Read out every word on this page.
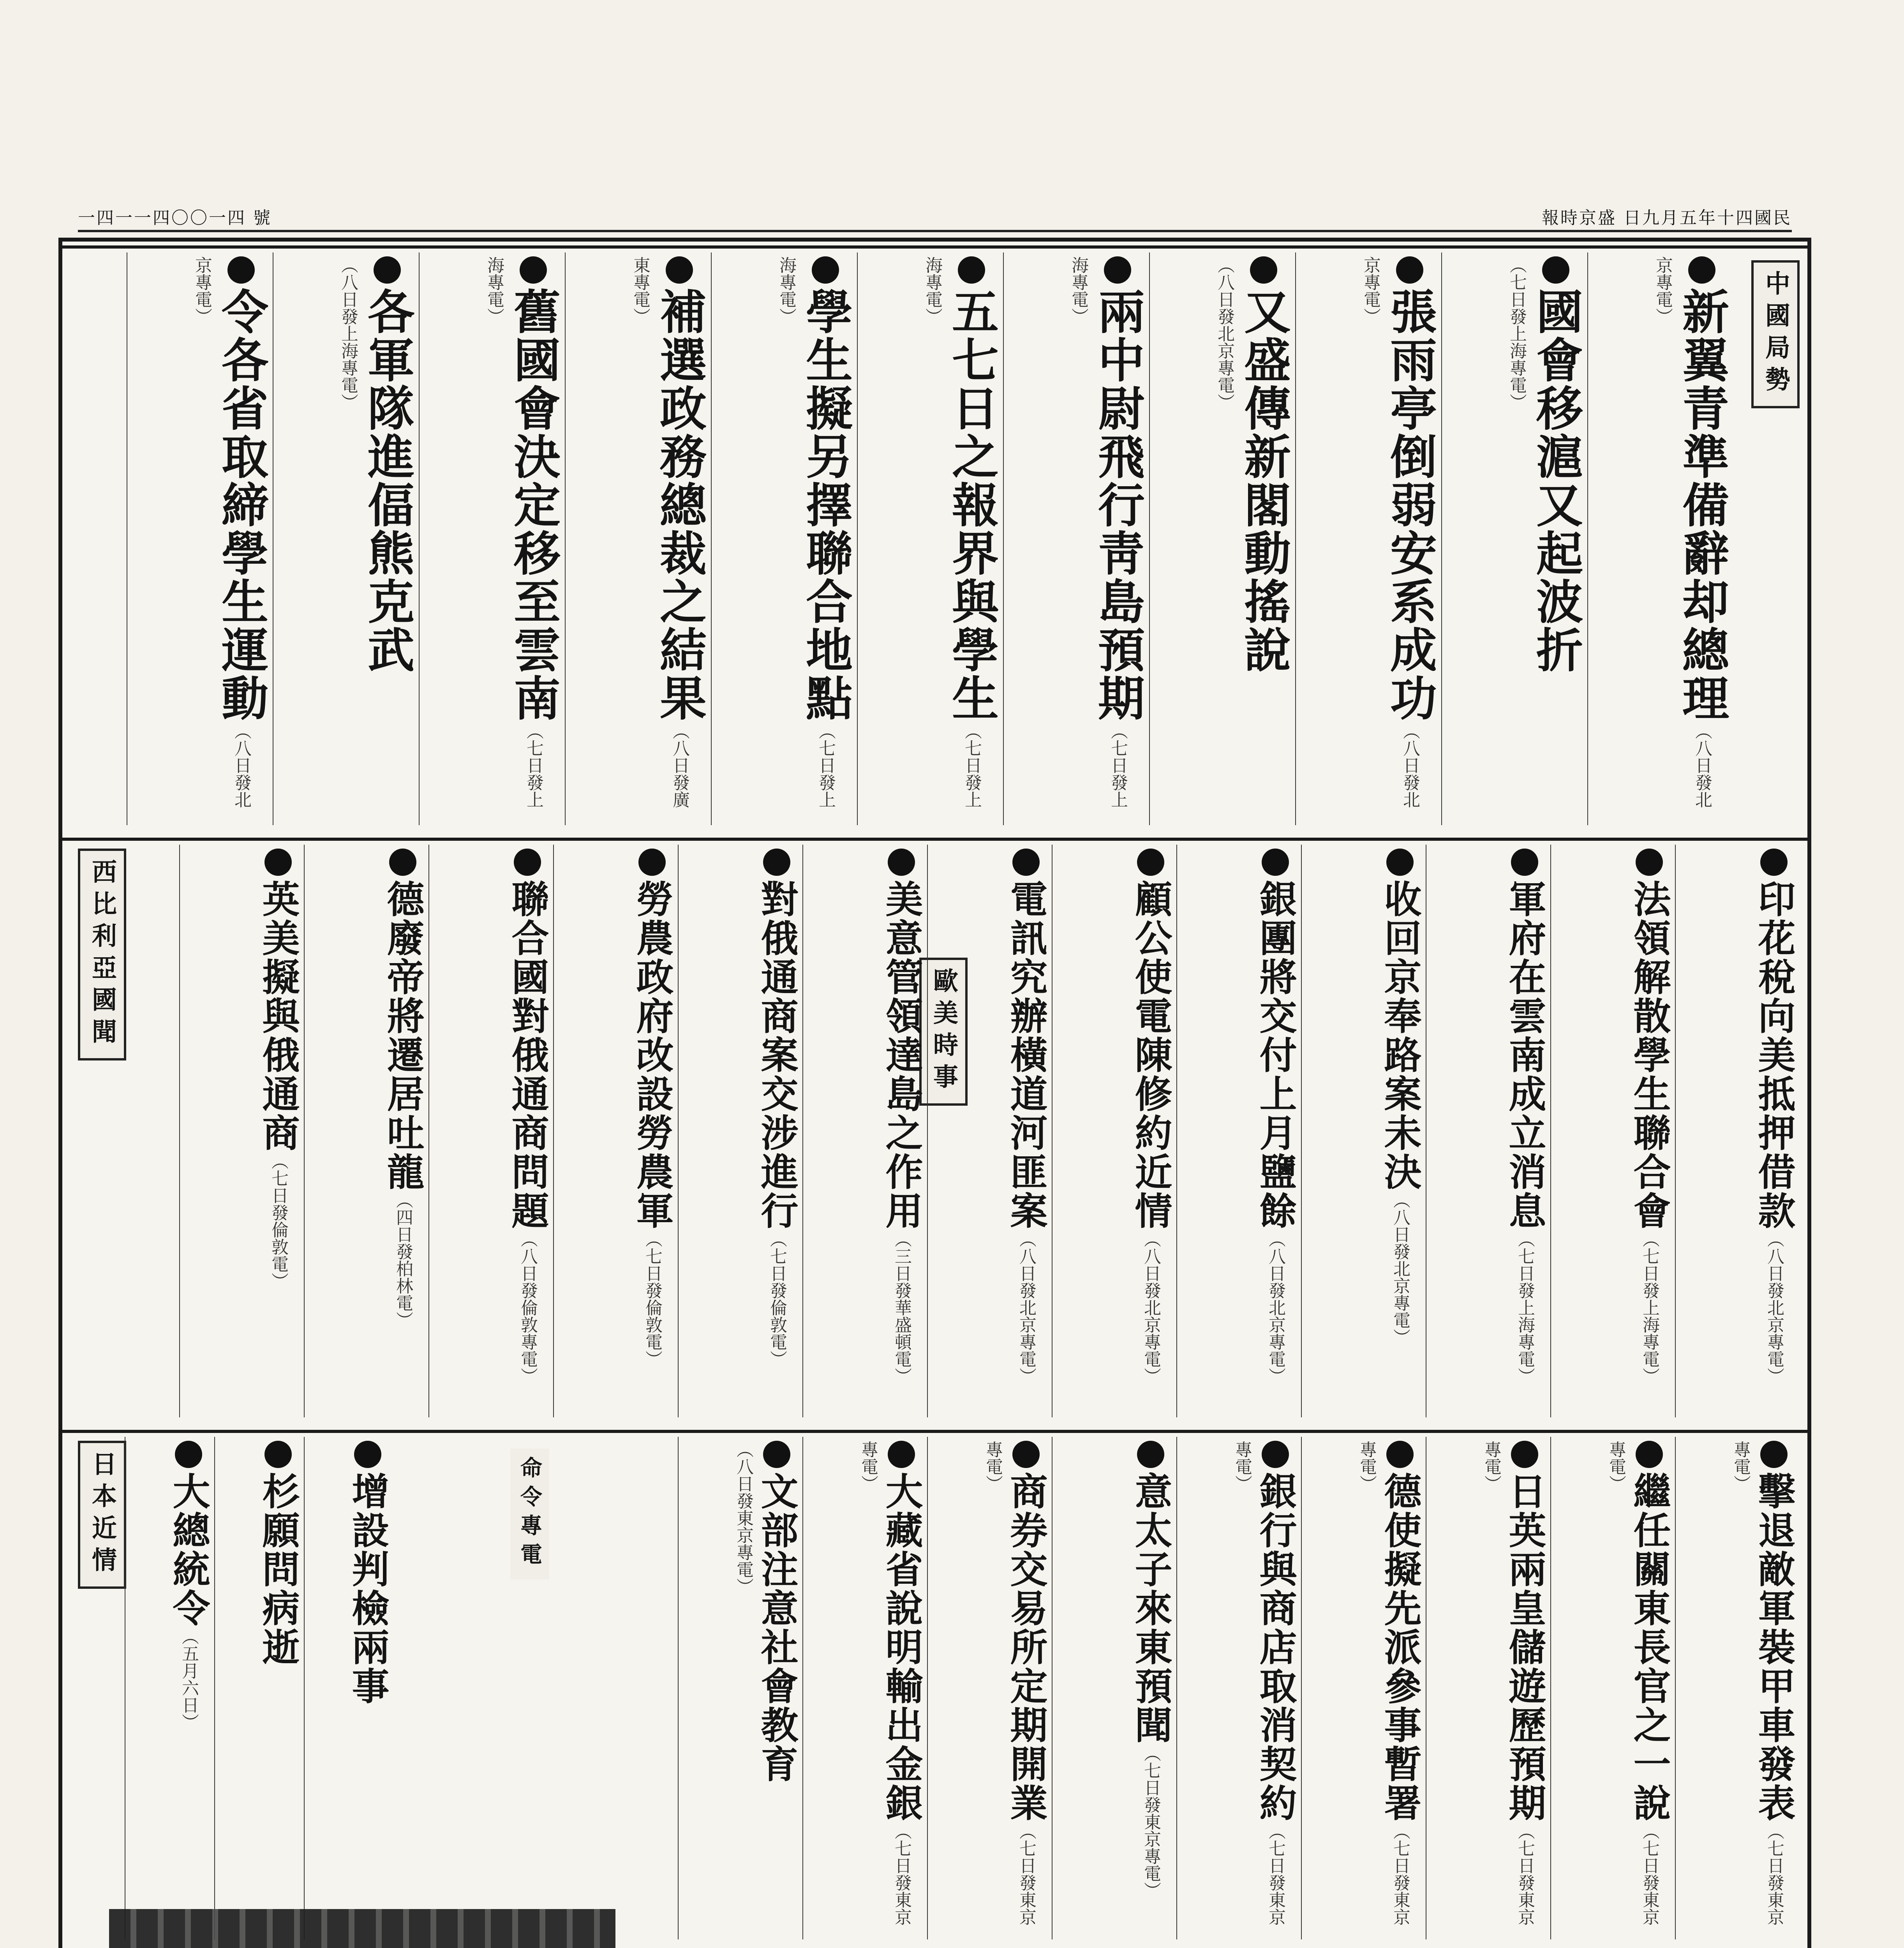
一四一一四〇〇一四 號	報時京盛 日九月五年十四國民
中國局勢
新翼青準備辭却總理（八日發北京專電）
國會移滬又起波折（七日發上海專電）
張雨亭倒弱安系成功（八日發北京專電）
又盛傳新閣動搖說（八日發北京專電）
兩中尉飛行靑島預期（七日發上海專電）
五七日之報界與學生（七日發上海專電）
學生擬另擇聯合地點（七日發上海專電）
補選政務總裁之結果（八日發廣東專電）
舊國會決定移至雲南（七日發上海專電）
各軍隊進偪熊克武（八日發上海專電）
令各省取締學生運動（八日發北京專電）
西比利亞國聞	歐美時事	印花稅向美抵押借款（八日發北京專電）
法領解散學生聯合會（七日發上海專電）
軍府在雲南成立消息（七日發上海專電）
收回京奉路案未決（八日發北京專電）
銀團將交付上月鹽餘（八日發北京專電）
顧公使電陳修約近情（八日發北京專電）
電訊究辦橫道河匪案（八日發北京專電）
美意管領達島之作用（三日發華盛頓電）
對俄通商案交涉進行（七日發倫敦電）
勞農政府改設勞農軍（七日發倫敦電）
聯合國對俄通商問題（八日發倫敦專電）
德廢帝將遷居吐龍（四日發柏林電）
英美擬與俄通商（七日發倫敦電）
日本近情	命令專電	擊退敵軍裝甲車發表（七日發東京專電）
繼任關東長官之一說（七日發東京專電）
日英兩皇儲遊歷預期（七日發東京專電）
德使擬先派參事暫署（七日發東京專電）
銀行與商店取消契約（七日發東京專電）
意太子來東預聞（七日發東京專電）
商券交易所定期開業（七日發東京專電）
大藏省說明輸出金銀（七日發東京專電）
文部注意社會教育（八日發東京專電）
增設判檢兩事
杉願問病逝
大總統令（五月六日）
